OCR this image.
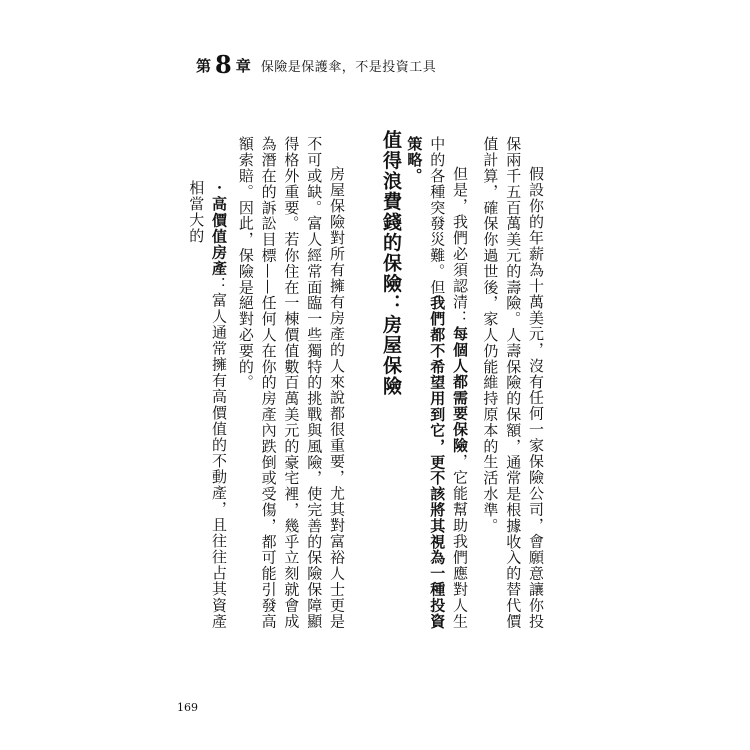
第 8 章 保險是保護傘，不是投資工具

假設你的年薪為十萬美元，沒有任何一家保險公司，會願意讓你投保兩千五百萬美元的壽險。人壽保險的保額，通常是根據收入的替代價值計算，確保你過世後，家人仍能維持原本的生活水準。

但是，我們必須認清：每個人都需要保險，它能幫助我們應對人生中的各種突發災難。但我們都不希望用到它，更不該將其視為一種投資策略。

值得浪費錢的保險：房屋保險

房屋保險對所有擁有房產的人來說都很重要，尤其對富裕人士更是不可或缺。富人經常面臨一些獨特的挑戰與風險，使完善的保險保障顯得格外重要。若你住在一棟價值數百萬美元的豪宅裡，幾乎立刻就會成為潛在的訴訟目標——任何人在你的房產內跌倒或受傷，都可能引發高額索賠。因此，保險是絕對必要的。

・高價值房產：富人通常擁有高價值的不動產，且往往占其資產相當大的

169
